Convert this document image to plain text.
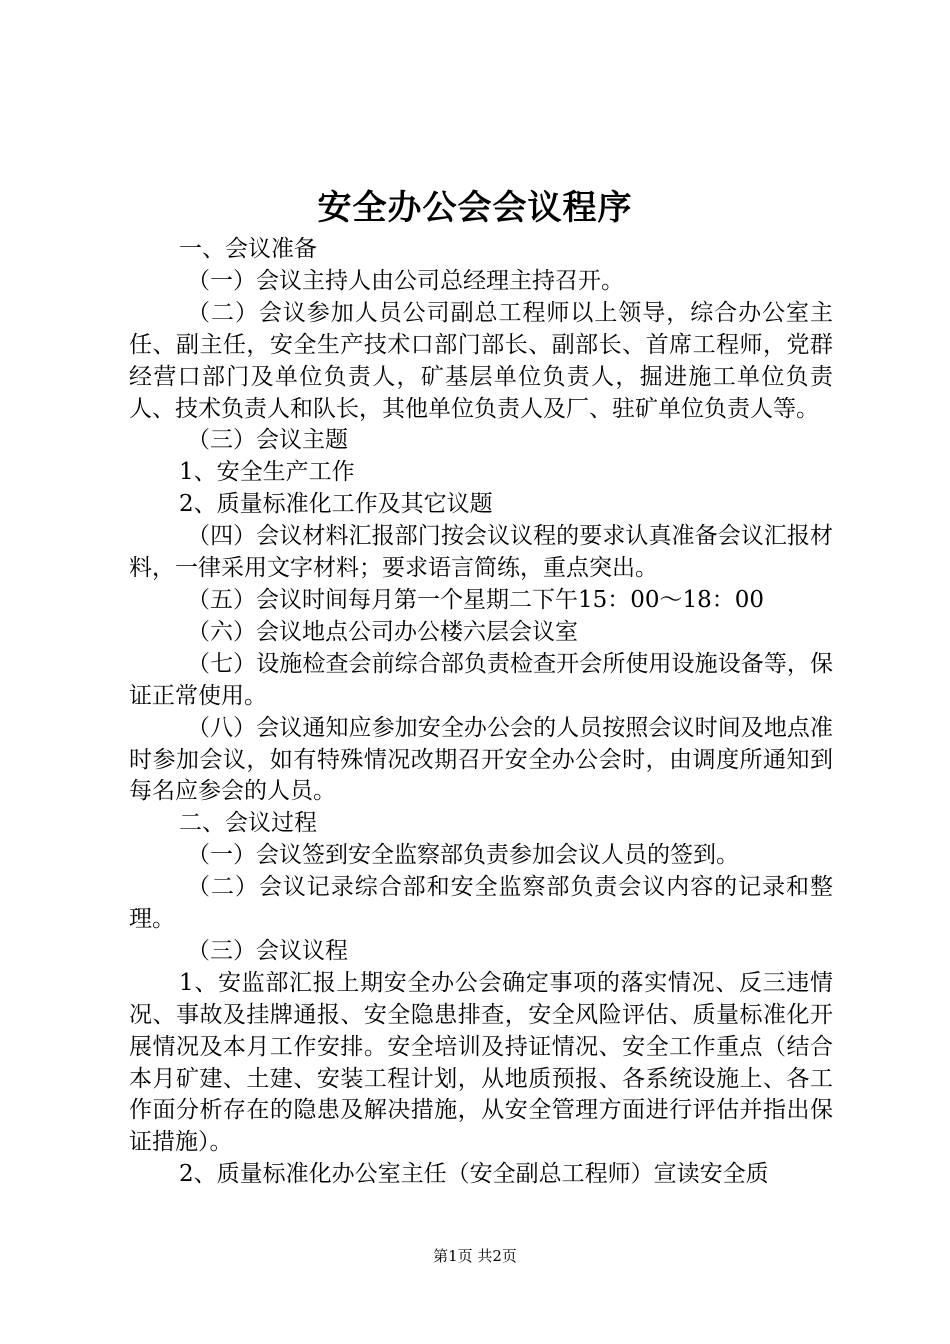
安全办公会会议程序

一、会议准备

（一）会议主持人由公司总经理主持召开。

（二）会议参加人员公司副总工程师以上领导，综合办公室主任、副主任，安全生产技术口部门部长、副部长、首席工程师，党群经营口部门及单位负责人，矿基层单位负责人，掘进施工单位负责人、技术负责人和队长，其他单位负责人及厂、驻矿单位负责人等。

（三）会议主题

1、安全生产工作

2、质量标准化工作及其它议题

（四）会议材料汇报部门按会议议程的要求认真准备会议汇报材料，一律采用文字材料；要求语言简练，重点突出。

（五）会议时间每月第一个星期二下午15：00～18：00

（六）会议地点公司办公楼六层会议室

（七）设施检查会前综合部负责检查开会所使用设施设备等，保证正常使用。

（八）会议通知应参加安全办公会的人员按照会议时间及地点准时参加会议，如有特殊情况改期召开安全办公会时，由调度所通知到每名应参会的人员。

二、会议过程

（一）会议签到安全监察部负责参加会议人员的签到。

（二）会议记录综合部和安全监察部负责会议内容的记录和整理。

（三）会议议程

1、安监部汇报上期安全办公会确定事项的落实情况、反三违情况、事故及挂牌通报、安全隐患排查，安全风险评估、质量标准化开展情况及本月工作安排。安全培训及持证情况、安全工作重点（结合本月矿建、土建、安装工程计划，从地质预报、各系统设施上、各工作面分析存在的隐患及解决措施，从安全管理方面进行评估并指出保证措施）。

2、质量标准化办公室主任（安全副总工程师）宣读安全质

第1页 共2页
